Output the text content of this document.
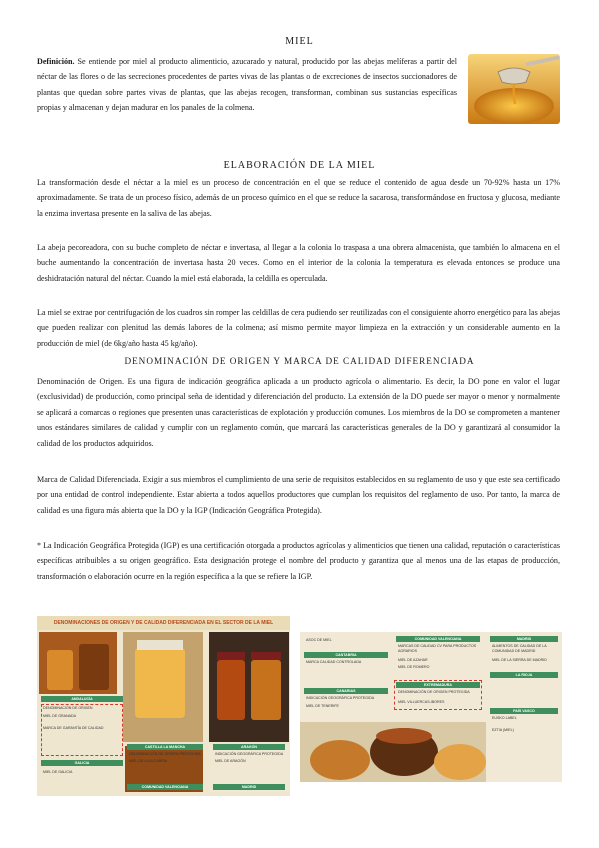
MIEL
Definición. Se entiende por miel al producto alimenticio, azucarado y natural, producido por las abejas melíferas a partir del néctar de las flores o de las secreciones procedentes de partes vivas de las plantas o de excreciones de insectos succionadores de plantas que quedan sobre partes vivas de plantas, que las abejas recogen, transforman, combinan sus sustancias específicas propias y almacenan y dejan madurar en los panales de la colmena.
ELABORACIÓN DE LA MIEL
La transformación desde el néctar a la miel es un proceso de concentración en el que se reduce el contenido de agua desde un 70-92% hasta un 17% aproximadamente. Se trata de un proceso físico, además de un proceso químico en el que se reduce la sacarosa, transformándose en fructosa y glucosa, mediante la enzima invertasa presente en la saliva de las abejas.
La abeja pecoreadora, con su buche completo de néctar e invertasa, al llegar a la colonia lo traspasa a una obrera almacenista, que también lo almacena en el buche aumentando la concentración de invertasa hasta 20 veces. Como en el interior de la colonia la temperatura es elevada entonces se produce una deshidratación natural del néctar. Cuando la miel está elaborada, la celdilla es operculada.
La miel se extrae por centrifugación de los cuadros sin romper las celdillas de cera pudiendo ser reutilizadas con el consiguiente ahorro energético para las abejas que pueden realizar con plenitud las demás labores de la colmena; así mismo permite mayor limpieza en la extracción y un considerable aumento en la producción de miel (de 6kg/año hasta 45 kg/año).
DENOMINACIÓN DE ORIGEN Y MARCA DE CALIDAD DIFERENCIADA
Denominación de Origen. Es una figura de indicación geográfica aplicada a un producto agrícola o alimentario. Es decir, la DO pone en valor el lugar (exclusividad) de producción, como principal seña de identidad y diferenciación del producto. La extensión de la DO puede ser mayor o menor y normalmente se aplicará a comarcas o regiones que presenten unas características de explotación y producción comunes. Los miembros de la DO se comprometen a mantener unos estándares similares de calidad y cumplir con un reglamento común, que marcará las características generales de la DO y garantizará al consumidor la calidad de los productos adquiridos.
Marca de Calidad Diferenciada. Exigir a sus miembros el cumplimiento de una serie de requisitos establecidos en su reglamento de uso y que este sea certificado por una entidad de control independiente. Estar abierta a todos aquellos productores que cumplan los requisitos del reglamento de uso. Por tanto, la marca de calidad es una figura más abierta que la DO y la IGP (Indicación Geográfica Protegida).
* La Indicación Geográfica Protegida (IGP) es una certificación otorgada a productos agrícolas y alimenticios que tienen una calidad, reputación o características específicas atribuibles a su origen geográfico. Esta designación protege el nombre del producto y garantiza que al menos una de las etapas de producción, transformación o elaboración ocurre en la región específica a la que se refiere la IGP.
DENOMINACIONES DE ORIGEN Y DE CALIDAD DIFERENCIADA EN EL SECTOR DE LA MIEL
ANDALUCÍA
DENOMINACIÓN DE ORIGEN
MIEL DE GRANADA
MARCA DE GARANTÍA DE CALIDAD
GALICIA
MIEL DE GALICIA
CASTILLA LA MANCHA
DENOMINACIÓN DE ORIGEN PROTEGIDA
MIEL DE LA ALCARRIA
ARAGÓN
INDICACIÓN GEOGRÁFICA PROTEGIDA
MIEL DE ARAGÓN
COMUNIDAD VALENCIANA	MADRID
ASOC DE MIEL
CANTABRIA
MARCA CALIDAD CONTROLADA
CANARIAS
INDICACIÓN GEOGRÁFICA PROTEGIDA
MIEL DE TENERIFE
COMUNIDAD VALENCIANA
MARCAS DE CALIDAD CV PARA PRODUCTOS AGRARIOS
MIEL DE AZAHAR
MIEL DE ROMERO
EXTREMADURA
DENOMINACIÓN DE ORIGEN PROTEGIDA
MIEL VILLUERCAS-IBORES
MADRID
ALIMENTOS DE CALIDAD DE LA COMUNIDAD DE MADRID
MIEL DE LA SIERRA DE MADRID
LA RIOJA
PAÍS VASCO
EUSKO LABEL
EZTIA (MIEL)
